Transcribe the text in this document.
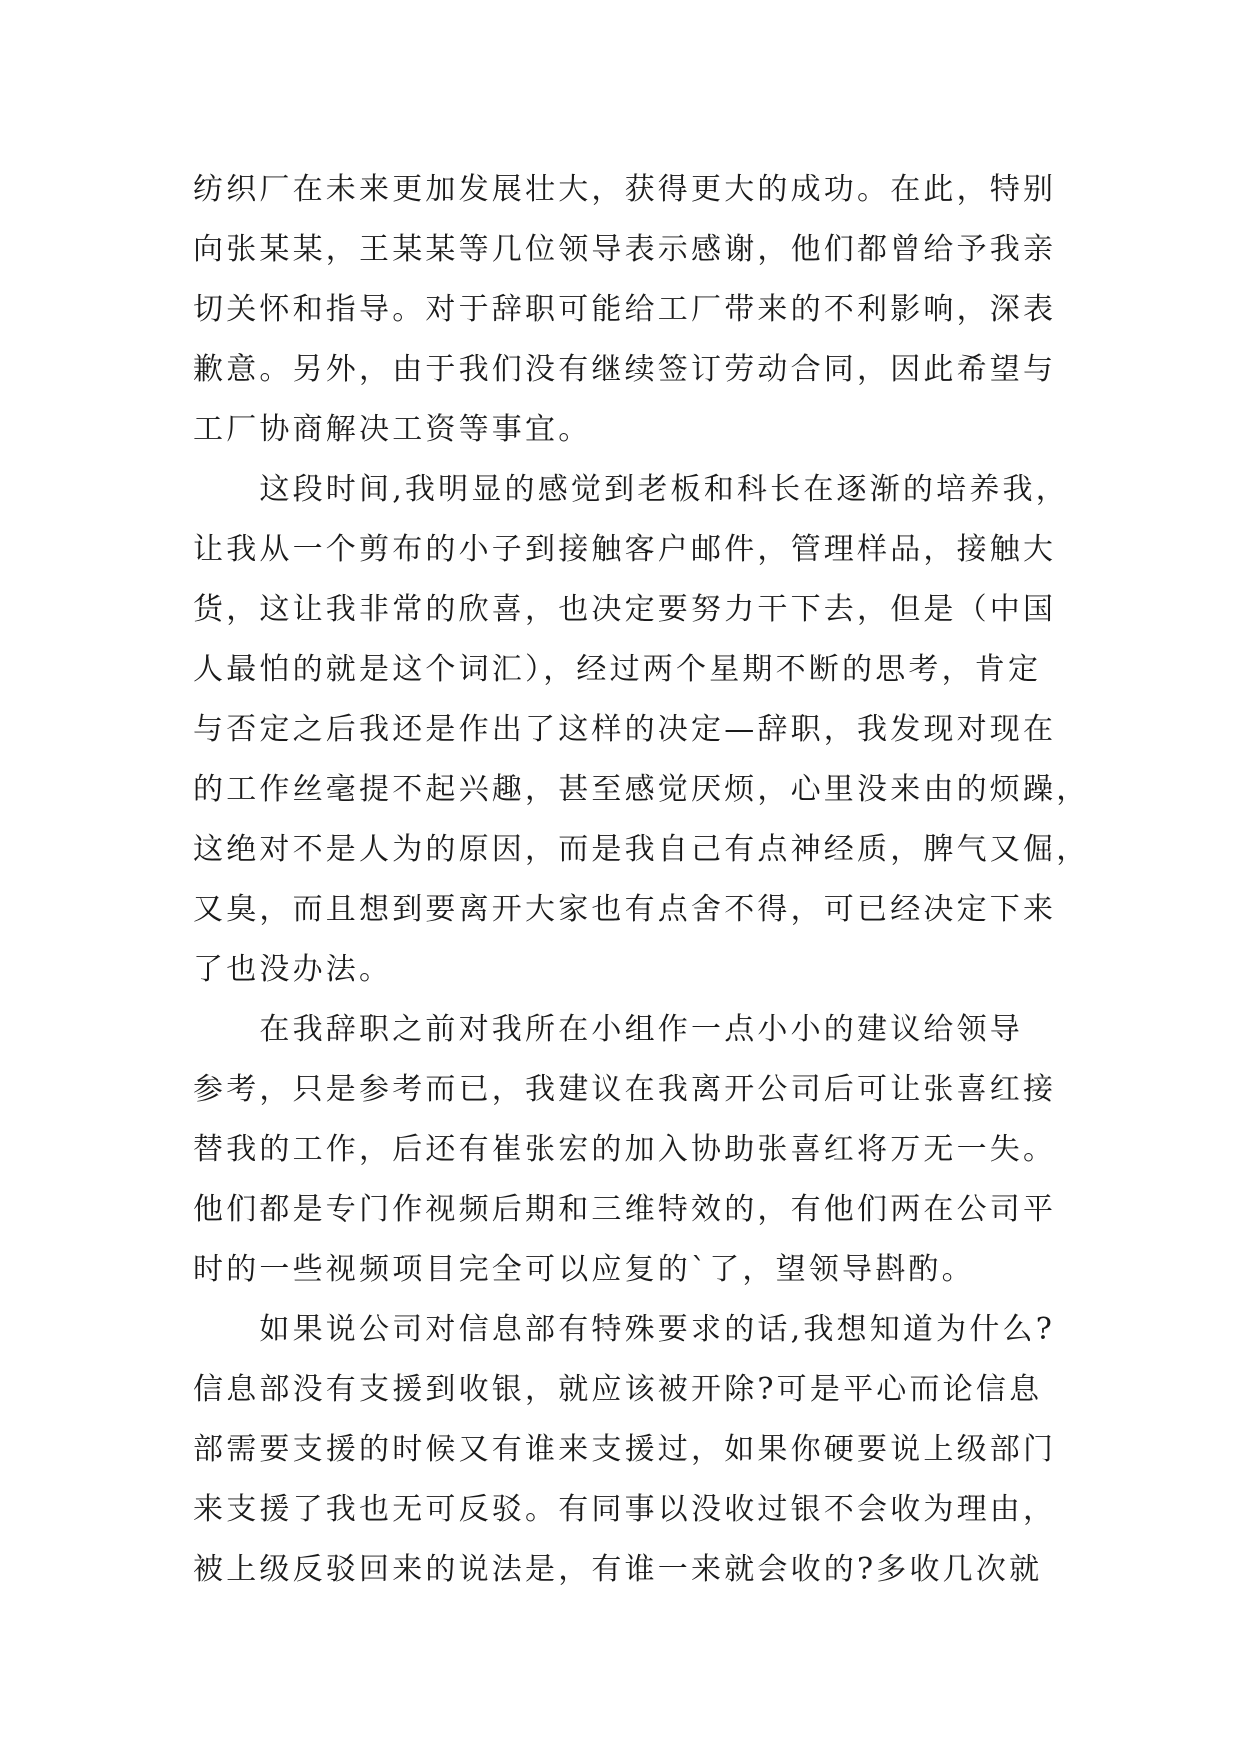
纺织厂在未来更加发展壮大，获得更大的成功。在此，特别
向张某某，王某某等几位领导表示感谢，他们都曾给予我亲
切关怀和指导。对于辞职可能给工厂带来的不利影响，深表
歉意。另外，由于我们没有继续签订劳动合同，因此希望与
工厂协商解决工资等事宜。
　　这段时间,我明显的感觉到老板和科长在逐渐的培养我，
让我从一个剪布的小子到接触客户邮件，管理样品，接触大
货，这让我非常的欣喜，也决定要努力干下去，但是（中国
人最怕的就是这个词汇），经过两个星期不断的思考，肯定
与否定之后我还是作出了这样的决定—辞职，我发现对现在
的工作丝毫提不起兴趣，甚至感觉厌烦，心里没来由的烦躁，
这绝对不是人为的原因，而是我自己有点神经质，脾气又倔，
又臭，而且想到要离开大家也有点舍不得，可已经决定下来
了也没办法。
　　在我辞职之前对我所在小组作一点小小的建议给领导
参考，只是参考而已，我建议在我离开公司后可让张喜红接
替我的工作，后还有崔张宏的加入协助张喜红将万无一失。
他们都是专门作视频后期和三维特效的，有他们两在公司平
时的一些视频项目完全可以应复的`了，望领导斟酌。
　　如果说公司对信息部有特殊要求的话,我想知道为什么?
信息部没有支援到收银，就应该被开除?可是平心而论信息
部需要支援的时候又有谁来支援过，如果你硬要说上级部门
来支援了我也无可反驳。有同事以没收过银不会收为理由，
被上级反驳回来的说法是，有谁一来就会收的?多收几次就
